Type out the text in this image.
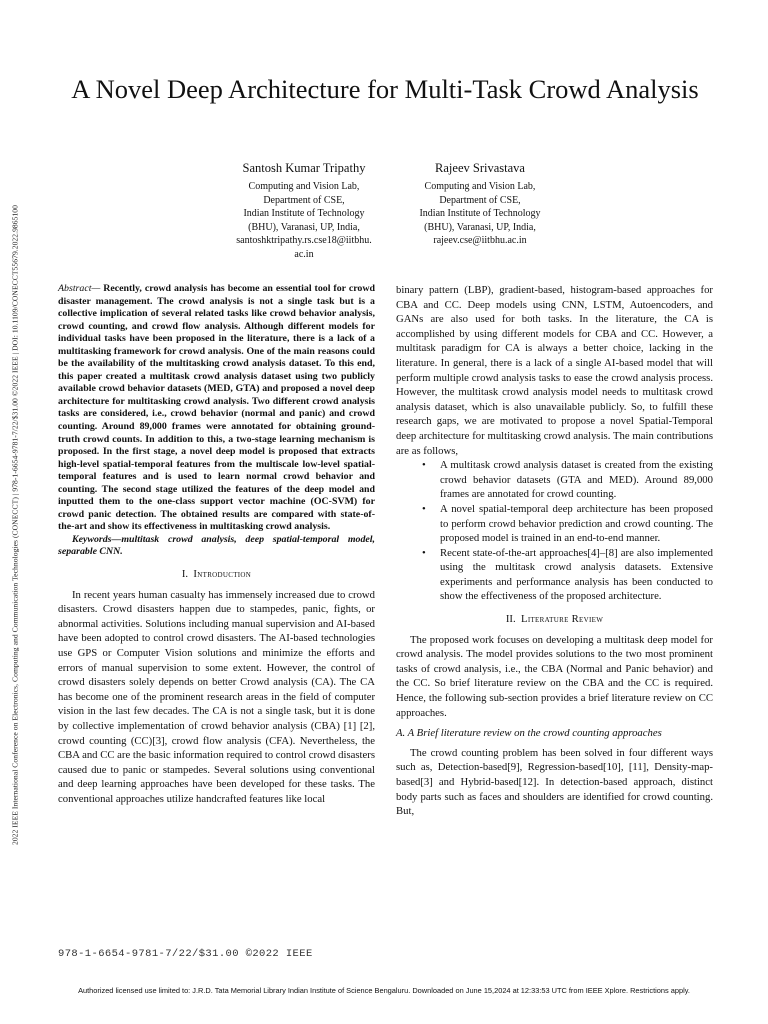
2022 IEEE International Conference on Electronics, Computing and Communication Technologies (CONECCT) | 978-1-6654-9781-7/22/$31.00 ©2022 IEEE | DOI: 10.1109/CONECCT55679.2022.9865100
A Novel Deep Architecture for Multi-Task Crowd Analysis
Santosh Kumar Tripathy
Computing and Vision Lab,
Department of CSE,
Indian Institute of Technology
(BHU), Varanasi, UP, India,
santoshktripathy.rs.cse18@iitbhu.
ac.in
Rajeev Srivastava
Computing and Vision Lab,
Department of CSE,
Indian Institute of Technology
(BHU), Varanasi, UP, India,
rajeev.cse@iitbhu.ac.in

Abstract— Recently, crowd analysis has become an essential tool for crowd disaster management. The crowd analysis is not a single task but is a collective implication of several related tasks like crowd behavior analysis, crowd counting, and crowd flow analysis. Although different models for individual tasks have been proposed in the literature, there is a lack of a multitasking framework for crowd analysis. One of the main reasons could be the availability of the multitasking crowd analysis dataset. To this end, this paper created a multitask crowd analysis dataset using two publicly available crowd behavior datasets (MED, GTA) and proposed a novel deep architecture for multitasking crowd analysis. Two different crowd analysis tasks are considered, i.e., crowd behavior (normal and panic) and crowd counting. Around 89,000 frames were annotated for obtaining ground-truth crowd counts. In addition to this, a two-stage learning mechanism is proposed. In the first stage, a novel deep model is proposed that extracts high-level spatial-temporal features from the multiscale low-level spatial-temporal features and is used to learn normal crowd behavior and counting. The second stage utilized the features of the deep model and inputted them to the one-class support vector machine (OC-SVM) for crowd panic detection. The obtained results are compared with state-of-the-art and show its effectiveness in multitasking crowd analysis.

Keywords—multitask crowd analysis, deep spatial-temporal model, separable CNN.

I. Introduction

In recent years human casualty has immensely increased due to crowd disasters. Crowd disasters happen due to stampedes, panic, fights, or abnormal activities. Solutions including manual supervision and AI-based have been adopted to control crowd disasters. The AI-based technologies use GPS or Computer Vision solutions and minimize the efforts and errors of manual supervision to some extent. However, the control of crowd disasters solely depends on better Crowd analysis (CA). The CA has become one of the prominent research areas in the field of computer vision in the last few decades. The CA is not a single task, but it is done by collective implementation of crowd behavior analysis (CBA) [1] [2], crowd counting (CC)[3], crowd flow analysis (CFA). Nevertheless, the CBA and CC are the basic information required to control crowd disasters caused due to panic or stampedes. Several solutions using conventional and deep learning approaches have been developed for these tasks. The conventional approaches utilize handcrafted features like local

binary pattern (LBP), gradient-based, histogram-based approaches for CBA and CC. Deep models using CNN, LSTM, Autoencoders, and GANs are also used for both tasks. In the literature, the CA is accomplished by using different models for CBA and CC. However, a multitask paradigm for CA is always a better choice, lacking in the literature. In general, there is a lack of a single AI-based model that will perform multiple crowd analysis tasks to ease the crowd analysis process. However, the multitask crowd analysis model needs to multitask crowd analysis dataset, which is also unavailable publicly. So, to fulfill these research gaps, we are motivated to propose a novel Spatial-Temporal deep architecture for multitasking crowd analysis. The main contributions are as follows,

• A multitask crowd analysis dataset is created from the existing crowd behavior datasets (GTA and MED). Around 89,000 frames are annotated for crowd counting.
• A novel spatial-temporal deep architecture has been proposed to perform crowd behavior prediction and crowd counting. The proposed model is trained in an end-to-end manner.
• Recent state-of-the-art approaches[4]–[8] are also implemented using the multitask crowd analysis datasets. Extensive experiments and performance analysis has been conducted to show the effectiveness of the proposed architecture.
II. Literature Review

The proposed work focuses on developing a multitask deep model for crowd analysis. The model provides solutions to the two most prominent tasks of crowd analysis, i.e., the CBA (Normal and Panic behavior) and the CC. So brief literature review on the CBA and the CC is required. Hence, the following sub-section provides a brief literature review on CC approaches.

A. A Brief literature review on the crowd counting approaches

The crowd counting problem has been solved in four different ways such as, Detection-based[9], Regression-based[10], [11], Density-map-based[3] and Hybrid-based[12]. In detection-based approach, distinct body parts such as faces and shoulders are identified for crowd counting. But,

978-1-6654-9781-7/22/$31.00 ©2022 IEEE
Authorized licensed use limited to: J.R.D. Tata Memorial Library Indian Institute of Science Bengaluru. Downloaded on June 15,2024 at 12:33:53 UTC from IEEE Xplore. Restrictions apply.
